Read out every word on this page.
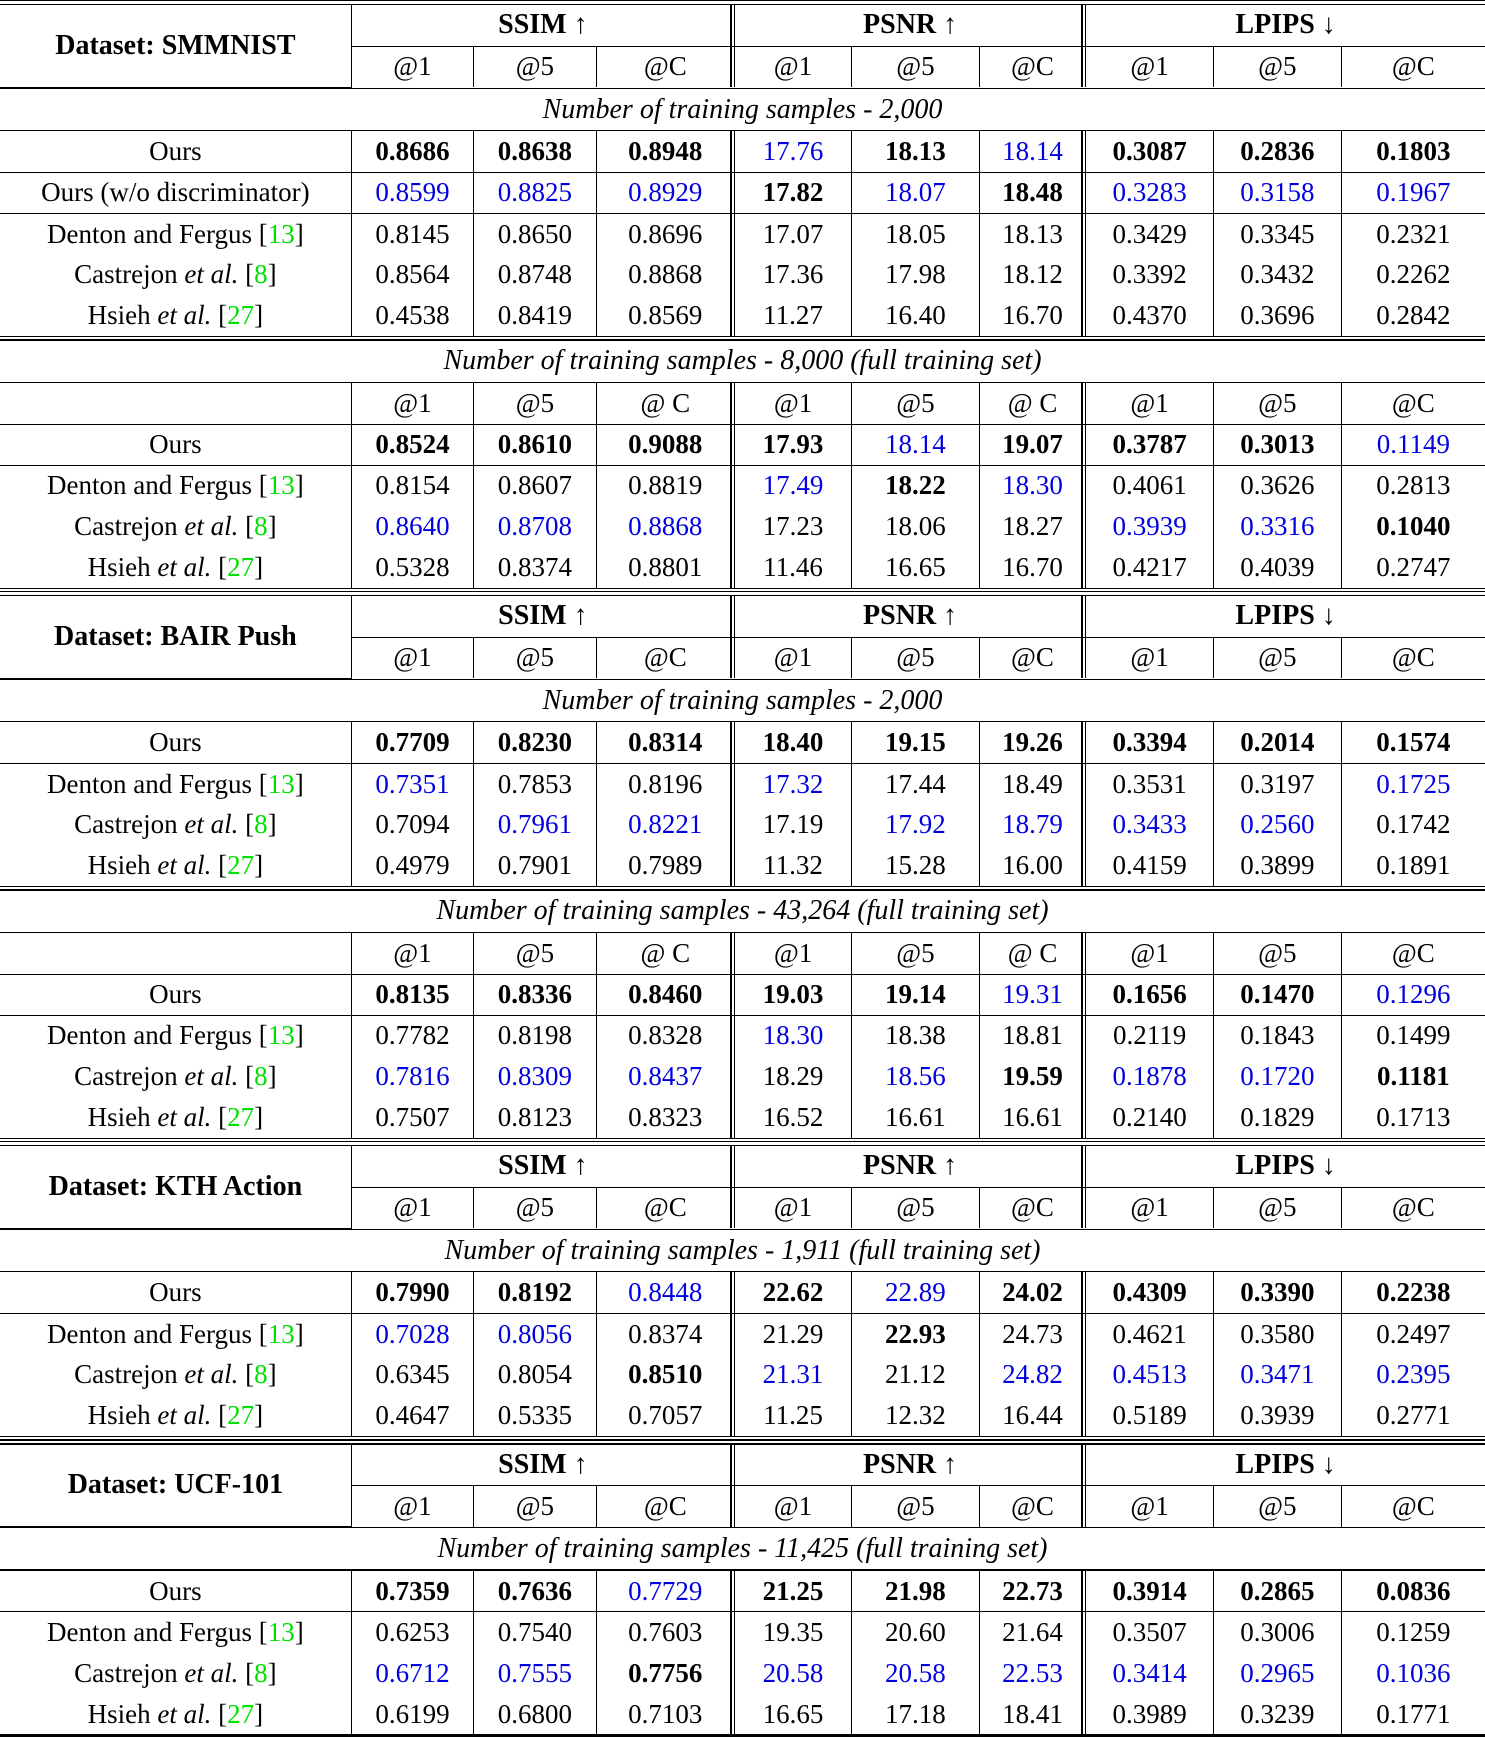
Dataset: SMMNIST	SSIM ↑			PSNR ↑			LPIPS ↓		
	@1	@5	@C	@1	@5	@C	@1	@5	@C
Number of training samples - 2,000
Ours	0.8686	0.8638	0.8948	17.76	18.13	18.14	0.3087	0.2836	0.1803
Ours (w/o discriminator)	0.8599	0.8825	0.8929	17.82	18.07	18.48	0.3283	0.3158	0.1967
Denton and Fergus [13]	0.8145	0.8650	0.8696	17.07	18.05	18.13	0.3429	0.3345	0.2321
Castrejon et al. [8]	0.8564	0.8748	0.8868	17.36	17.98	18.12	0.3392	0.3432	0.2262
Hsieh et al. [27]	0.4538	0.8419	0.8569	11.27	16.40	16.70	0.4370	0.3696	0.2842
Number of training samples - 8,000 (full training set)
	@1	@5	@ C	@1	@5	@ C	@1	@5	@C
Ours	0.8524	0.8610	0.9088	17.93	18.14	19.07	0.3787	0.3013	0.1149
Denton and Fergus [13]	0.8154	0.8607	0.8819	17.49	18.22	18.30	0.4061	0.3626	0.2813
Castrejon et al. [8]	0.8640	0.8708	0.8868	17.23	18.06	18.27	0.3939	0.3316	0.1040
Hsieh et al. [27]	0.5328	0.8374	0.8801	11.46	16.65	16.70	0.4217	0.4039	0.2747
Dataset: BAIR Push	SSIM ↑			PSNR ↑			LPIPS ↓		
	@1	@5	@C	@1	@5	@C	@1	@5	@C
Number of training samples - 2,000
Ours	0.7709	0.8230	0.8314	18.40	19.15	19.26	0.3394	0.2014	0.1574
Denton and Fergus [13]	0.7351	0.7853	0.8196	17.32	17.44	18.49	0.3531	0.3197	0.1725
Castrejon et al. [8]	0.7094	0.7961	0.8221	17.19	17.92	18.79	0.3433	0.2560	0.1742
Hsieh et al. [27]	0.4979	0.7901	0.7989	11.32	15.28	16.00	0.4159	0.3899	0.1891
Number of training samples - 43,264 (full training set)
	@1	@5	@ C	@1	@5	@ C	@1	@5	@C
Ours	0.8135	0.8336	0.8460	19.03	19.14	19.31	0.1656	0.1470	0.1296
Denton and Fergus [13]	0.7782	0.8198	0.8328	18.30	18.38	18.81	0.2119	0.1843	0.1499
Castrejon et al. [8]	0.7816	0.8309	0.8437	18.29	18.56	19.59	0.1878	0.1720	0.1181
Hsieh et al. [27]	0.7507	0.8123	0.8323	16.52	16.61	16.61	0.2140	0.1829	0.1713
Dataset: KTH Action	SSIM ↑			PSNR ↑			LPIPS ↓		
	@1	@5	@C	@1	@5	@C	@1	@5	@C
Number of training samples - 1,911 (full training set)
Ours	0.7990	0.8192	0.8448	22.62	22.89	24.02	0.4309	0.3390	0.2238
Denton and Fergus [13]	0.7028	0.8056	0.8374	21.29	22.93	24.73	0.4621	0.3580	0.2497
Castrejon et al. [8]	0.6345	0.8054	0.8510	21.31	21.12	24.82	0.4513	0.3471	0.2395
Hsieh et al. [27]	0.4647	0.5335	0.7057	11.25	12.32	16.44	0.5189	0.3939	0.2771
Dataset: UCF-101	SSIM ↑			PSNR ↑			LPIPS ↓		
	@1	@5	@C	@1	@5	@C	@1	@5	@C
Number of training samples - 11,425 (full training set)
Ours	0.7359	0.7636	0.7729	21.25	21.98	22.73	0.3914	0.2865	0.0836
Denton and Fergus [13]	0.6253	0.7540	0.7603	19.35	20.60	21.64	0.3507	0.3006	0.1259
Castrejon et al. [8]	0.6712	0.7555	0.7756	20.58	20.58	22.53	0.3414	0.2965	0.1036
Hsieh et al. [27]	0.6199	0.6800	0.7103	16.65	17.18	18.41	0.3989	0.3239	0.1771
